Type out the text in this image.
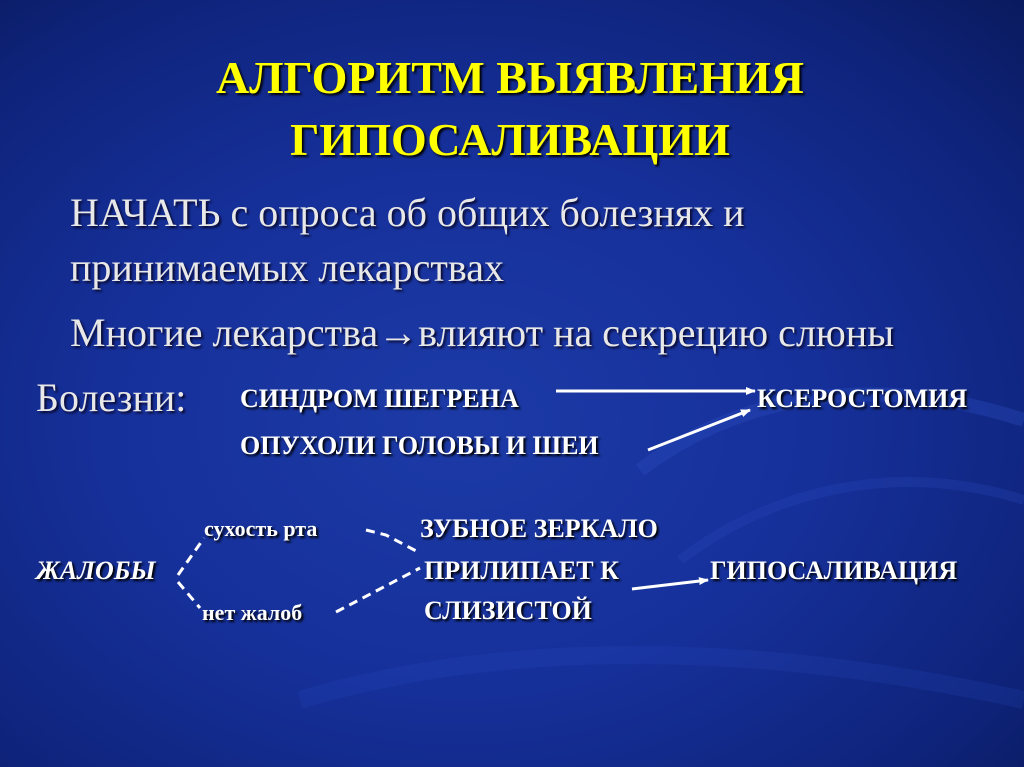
АЛГОРИТМ ВЫЯВЛЕНИЯ
ГИПОСАЛИВАЦИИ
НАЧАТЬ с опроса об общих болезнях и
принимаемых лекарствах
Многие лекарства→влияют на секрецию слюны
Болезни: СИНДРОМ ШЕГРЕНА	КСЕРОСТОМИЯ
ОПУХОЛИ ГОЛОВЫ И ШЕИ
сухость рта	ЗУБНОЕ ЗЕРКАЛО
ЖАЛОБЫ	ПРИЛИПАЕТ К	ГИПОСАЛИВАЦИЯ
нет жалоб	СЛИЗИСТОЙ
